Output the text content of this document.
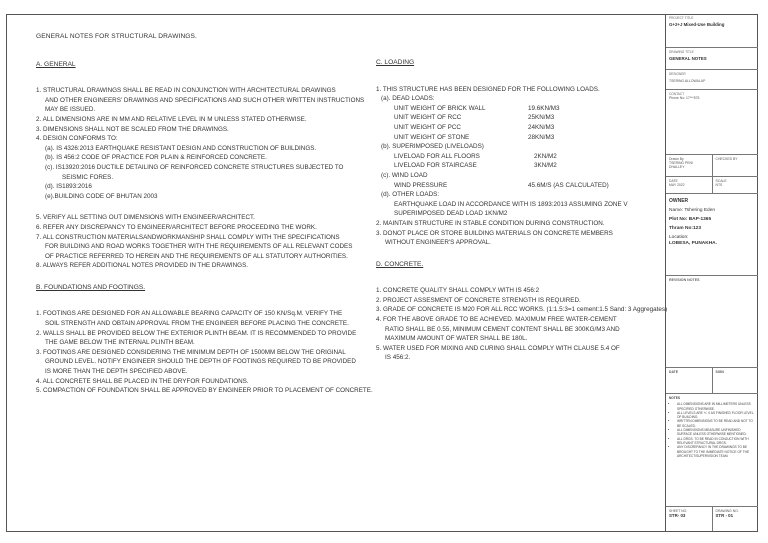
GENERAL NOTES FOR STRUCTURAL DRAWINGS.
A. GENERAL
1. STRUCTURAL DRAWINGS SHALL BE READ IN CONJUNCTION WITH ARCHITECTURAL DRAWINGS
AND OTHER ENGINEERS' DRAWINGS AND SPECIFICATIONS AND SUCH OTHER WRITTEN INSTRUCTIONS
MAY BE ISSUED.
2. ALL DIMENSIONS ARE IN MM AND RELATIVE LEVEL IN M UNLESS STATED OTHERWISE.
3. DIMENSIONS SHALL NOT BE SCALED FROM THE DRAWINGS.
4. DESIGN CONFORMS TO:
(a). IS 4326:2013 EARTHQUAKE RESISTANT DESIGN AND CONSTRUCTION OF BUILDINGS.
(b). IS 456:2 CODE OF PRACTICE FOR PLAIN & REINFORCED CONCRETE.
(c). IS13920:2016 DUCTILE DETAILING OF REINFORCED CONCRETE STRUCTURES SUBJECTED TO
SEISMIC FORES.
(d). IS1893:2016
(e).BUILDING CODE OF BHUTAN 2003
5. VERIFY ALL SETTING OUT DIMENSIONS WITH ENGINEER/ARCHITECT.
6. REFER ANY DISCREPANCY TO ENGINEER/ARCHITECT BEFORE PROCEEDING THE WORK.
7. ALL CONSTRUCTION MATERIALSANDWORKMANSHIP SHALL COMPLY WITH THE SPECIFICATIONS
FOR BUILDING AND ROAD WORKS TOGETHER WITH THE REQUIREMENTS OF ALL RELEVANT CODES
OF PRACTICE REFERRED TO HEREIN AND THE REQUIREMENTS OF ALL STATUTORY AUTHORITIES.
8. ALWAYS REFER ADDITIONAL NOTES PROVIDED IN THE DRAWINGS.
B. FOUNDATIONS AND FOOTINGS.
1. FOOTINGS ARE DESIGNED FOR AN ALLOWABLE BEARING CAPACITY OF 150 KN/Sq.M. VERIFY THE
SOIL STRENGTH AND OBTAIN APPROVAL FROM THE ENGINEER BEFORE PLACING THE CONCRETE.
2. WALLS SHALL BE PROVIDED BELOW THE EXTERIOR PLINTH BEAM. IT IS RECOMMENDED TO PROVIDE
THE GAME BELOW THE INTERNAL PLINTH BEAM.
3. FOOTINGS ARE DESIGNED CONSIDERING THE MINIMUM DEPTH OF 1500MM BELOW THE ORIGINAL
GROUND LEVEL. NOTIFY ENGINEER SHOULD THE DEPTH OF FOOTINGS REQUIRED TO BE PROVIDED
IS MORE THAN THE DEPTH SPECIFIED ABOVE.
4. ALL CONCRETE SHALL BE PLACED IN THE DRYFOR FOUNDATIONS.
5. COMPACTION OF FOUNDATION SHALL BE APPROVED BY ENGINEER PRIOR TO PLACEMENT OF CONCRETE.
C. LOADING
1. THIS STRUCTURE HAS BEEN DESIGNED FOR THE FOLLOWING LOADS.
(a). DEAD LOADS:
UNIT WEIGHT OF BRICK WALL	19.6KN/M3
UNIT WEIGHT OF RCC	25KN/M3
UNIT WEIGHT OF PCC	24KN/M3
UNIT WEIGHT OF STONE	28KN/M3
(b). SUPERIMPOSED (LIVELOADS)
LIVELOAD FOR ALL FLOORS	2KN/M2
LIVELOAD FOR STAIRCASE	3KN/M2
(c). WIND LOAD
WIND PRESSURE	45.6M/S (AS CALCULATED)
(d). OTHER LOADS:
EARTHQUAKE LOAD IN ACCORDANCE WITH IS 1893:2013 ASSUMING ZONE V
SUPERIMPOSED DEAD LOAD 1KN/M2
2. MAINTAIN STRUCTURE IN STABLE CONDITION DURING CONSTRUCTION.
3. DONOT PLACE OR STORE BUILDING MATERIALS ON CONCRETE MEMBERS
WITHOUT ENGINEER'S APPROVAL.
D. CONCRETE.
1. CONCRETE QUALITY SHALL COMPLY WITH IS 456:2
2. PROJECT ASSESMENT OF CONCRETE STRENGTH IS REQUIRED.
3. GRADE OF CONCRETE IS M20 FOR ALL RCC WORKS. (1:1.5:3=1 cement:1.5 Sand: 3 Aggregates)
4. FOR THE ABOVE GRADE TO BE ACHIEVED. MAXIMUM FREE WATER-CEMENT
RATIO SHALL BE 0.55, MINIMUM CEMENT CONTENT SHALL BE 300KG/M3 AND
MAXIMUM AMOUNT OF WATER SHALL BE 180L.
5. WATER USED FOR MIXING AND CURING SHALL COMPLY WITH CLAUSE 5.4 OF
IS 456:2.
PROJECT TITLE
G+2+J Mixed-Use Building
DRAWING TITLE
GENERAL NOTES
DESIGNER
TSERING ALLOWALUP
CONTACT
Phone No: 17***575
Drawn By
TSERING PENI DHALLEY
CHECKED BY
DATE
MAY 2022
SCALE
NTS
OWNER
Name: Tshering Eden
Plot No: BAP-1365
Thram No:123
Location:
LOBESA, PUNAKHA.
REVISION NOTES
DATE	SIGN
NOTES
• ALL DIMENSIONS ARE IN MILLIMETERS UNLESS SPECIFIED OTHERWISE.
• ALL LEVELS ARE +/- 0 AS FINISHED FLOOR LEVEL OF BUILDING.
• WRITTEN DIMENSIONS TO BE READ AND NOT TO BE SCALED.
• ALL DIMENSIONS MEASURE UNFINISHED SURFACE UNLESS OTHERWISE MENTIONED.
• ALL DRGS. TO BE READ IN CONJUCTION WITH RELEVANT STRUCTURAL DRGS.
• ANY DISCREPANCY IN THE DRAWINGS TO BE BROUGHT TO THE IMMEDIATE NOTICE OF THE ARCHITECT/SUPERVISION TEAM.
SHEET NO.
STR- 03
DRAWING NO.
STR - 01
